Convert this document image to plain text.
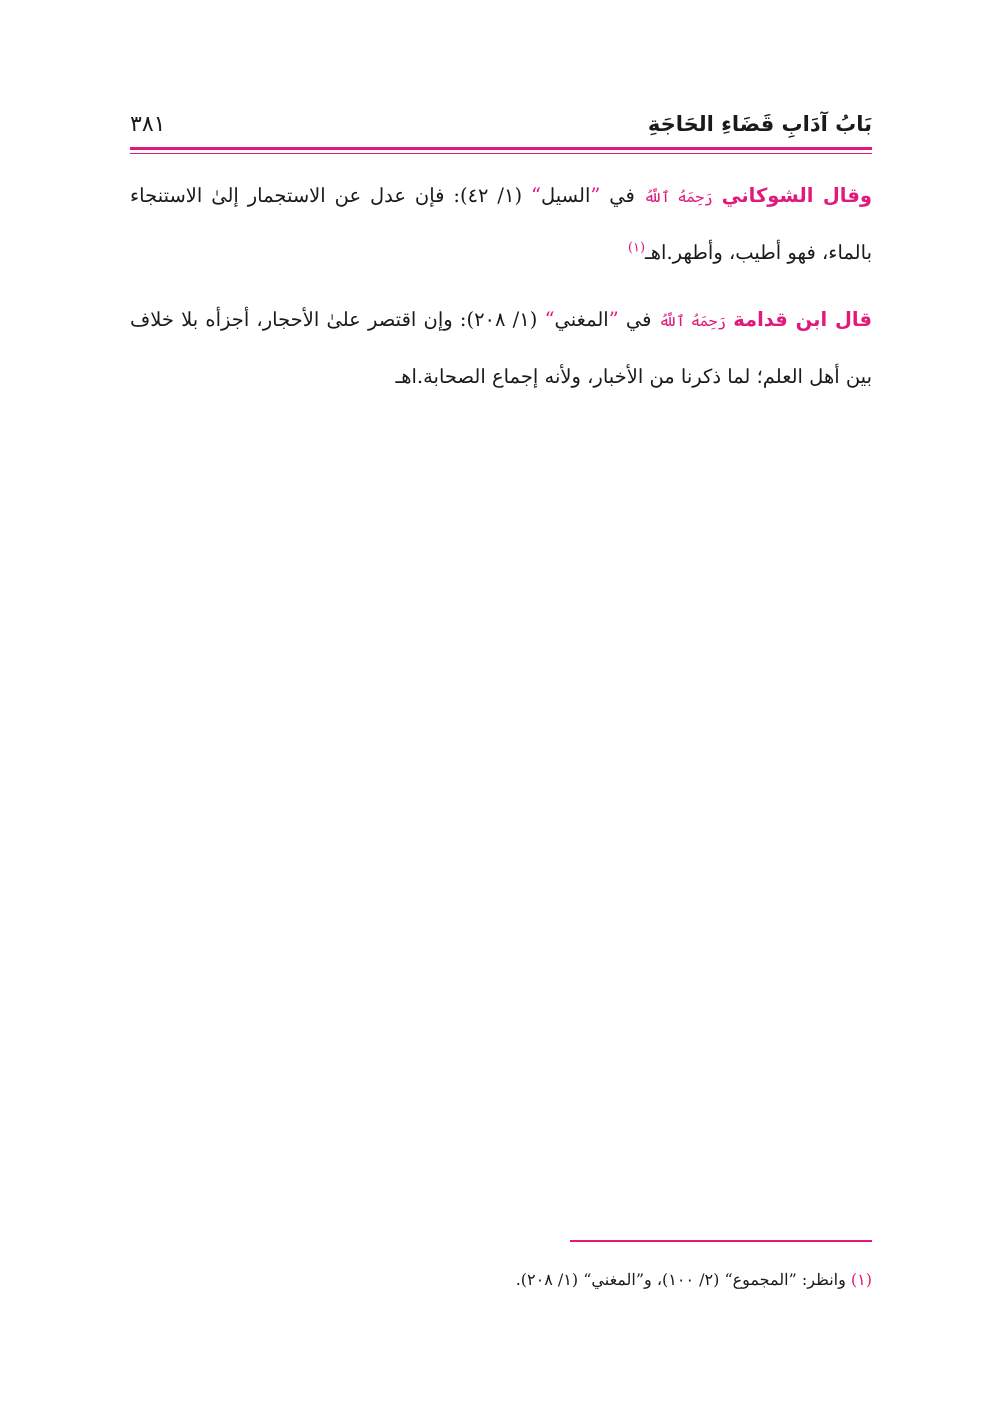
بَابُ آدَابِ قَضَاءِ الحَاجَةِ
٣٨١

وقال الشوكاني رَحِمَهُ ٱللَّهُ في ”السيل“ (١/ ٤٢): فإن عدل عن الاستجمار إلىٰ الاستنجاء بالماء، فهو أطيب، وأطهر.اهـ$^{(١)}$

قال ابن قدامة رَحِمَهُ ٱللَّهُ في ”المغني“ (١/ ٢٠٨): وإن اقتصر علىٰ الأحجار، أجزأه بلا خلاف بين أهل العلم؛ لما ذكرنا من الأخبار، ولأنه إجماع الصحابة.اهـ

(١) وانظر: ”المجموع“ (٢/ ١٠٠)، و”المغني“ (١/ ٢٠٨).
